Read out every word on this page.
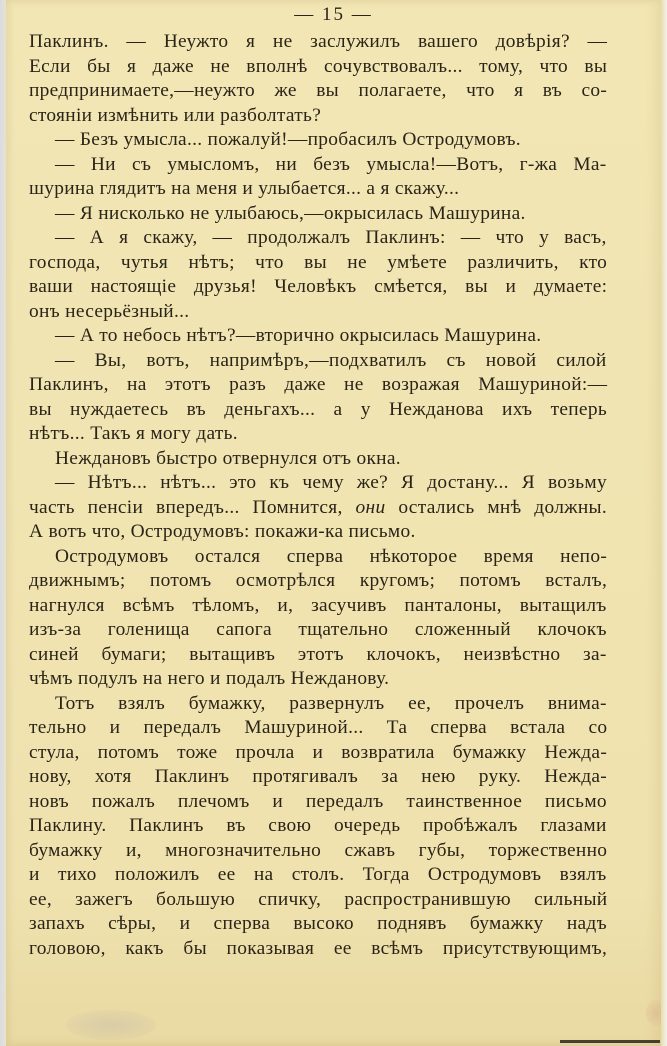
— 15 —
Паклинъ. — Неужто я не заслужилъ вашего довѣрія? —
Если бы я даже не вполнѣ сочувствовалъ... тому, что вы
предпринимаете,—неужто же вы полагаете, что я въ со-
стояніи измѣнить или разболтать?
— Безъ умысла... пожалуй!—пробасилъ Остродумовъ.
— Ни съ умысломъ, ни безъ умысла!—Вотъ, г-жа Ма-
шурина глядитъ на меня и улыбается... а я скажу...
— Я нисколько не улыбаюсь,—окрысилась Машурина.
— А я скажу, — продолжалъ Паклинъ: — что у васъ,
господа, чутья нѣтъ; что вы не умѣете различить, кто
ваши настоящіе друзья! Человѣкъ смѣется, вы и думаете:
онъ несерьёзный...
— А то небось нѣтъ?—вторично окрысилась Машурина.
— Вы, вотъ, напримѣръ,—подхватилъ съ новой силой
Паклинъ, на этотъ разъ даже не возражая Машуриной:—
вы нуждаетесь въ деньгахъ... а у Нежданова ихъ теперь
нѣтъ... Такъ я могу дать.
Неждановъ быстро отвернулся отъ окна.
— Нѣтъ... нѣтъ... это къ чему же? Я достану... Я возьму
часть пенсіи впередъ... Помнится, они остались мнѣ должны.
А вотъ что, Остродумовъ: покажи-ка письмо.
Остродумовъ остался сперва нѣкоторое время непо-
движнымъ; потомъ осмотрѣлся кругомъ; потомъ всталъ,
нагнулся всѣмъ тѣломъ, и, засучивъ панталоны, вытащилъ
изъ-за голенища сапога тщательно сложенный клочокъ
синей бумаги; вытащивъ этотъ клочокъ, неизвѣстно за-
чѣмъ подулъ на него и подалъ Нежданову.
Тотъ взялъ бумажку, развернулъ ее, прочелъ внима-
тельно и передалъ Машуриной... Та сперва встала со
стула, потомъ тоже прочла и возвратила бумажку Нежда-
нову, хотя Паклинъ протягивалъ за нею руку. Нежда-
новъ пожалъ плечомъ и передалъ таинственное письмо
Паклину. Паклинъ въ свою очередь пробѣжалъ глазами
бумажку и, многозначительно сжавъ губы, торжественно
и тихо положилъ ее на столъ. Тогда Остродумовъ взялъ
ее, зажегъ большую спичку, распространившую сильный
запахъ сѣры, и сперва высоко поднявъ бумажку надъ
головою, какъ бы показывая ее всѣмъ присутствующимъ,
